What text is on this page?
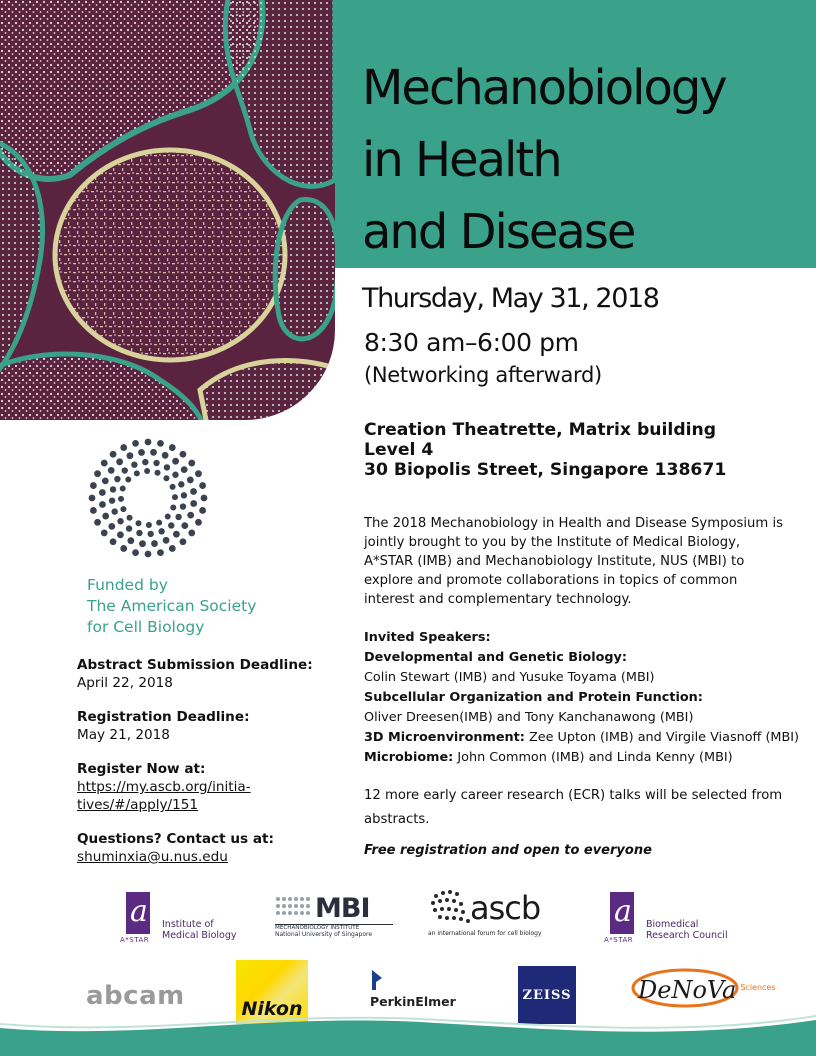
Mechanobiology
in Health
and Disease
Thursday, May 31, 2018
8:30 am–6:00 pm
(Networking afterward)
Creation Theatrette, Matrix building
Level 4
30 Biopolis Street, Singapore 138671
The 2018 Mechanobiology in Health and Disease Symposium is jointly brought to you by the Institute of Medical Biology, A*STAR (IMB) and Mechanobiology Institute, NUS (MBI) to explore and promote collaborations in topics of common interest and complementary technology.
Invited Speakers:
Developmental and Genetic Biology:
Colin Stewart (IMB) and Yusuke Toyama (MBI)
Subcellular Organization and Protein Function:
Oliver Dreesen(IMB) and Tony Kanchanawong (MBI)
3D Microenvironment: Zee Upton (IMB) and Virgile Viasnoff (MBI)
Microbiome: John Common (IMB) and Linda Kenny (MBI)
12 more early career research (ECR) talks will be selected from abstracts.
Free registration and open to everyone
Funded by
The American Society
for Cell Biology
Abstract Submission Deadline:
April 22, 2018
Registration Deadline:
May 21, 2018
Register Now at:
https://my.ascb.org/initia-
tives/#/apply/151
Questions? Contact us at:
shuminxia@u.nus.edu
a
A*STAR
Institute of
Medical Biology
MBI
MECHANOBIOLOGY INSTITUTE
National University of Singapore
ascb
an international forum for cell biology
a
A*STAR
Biomedical
Research Council
abcam	Nikon	PerkinElmer	ZEISS	DeNoVa Sciences
